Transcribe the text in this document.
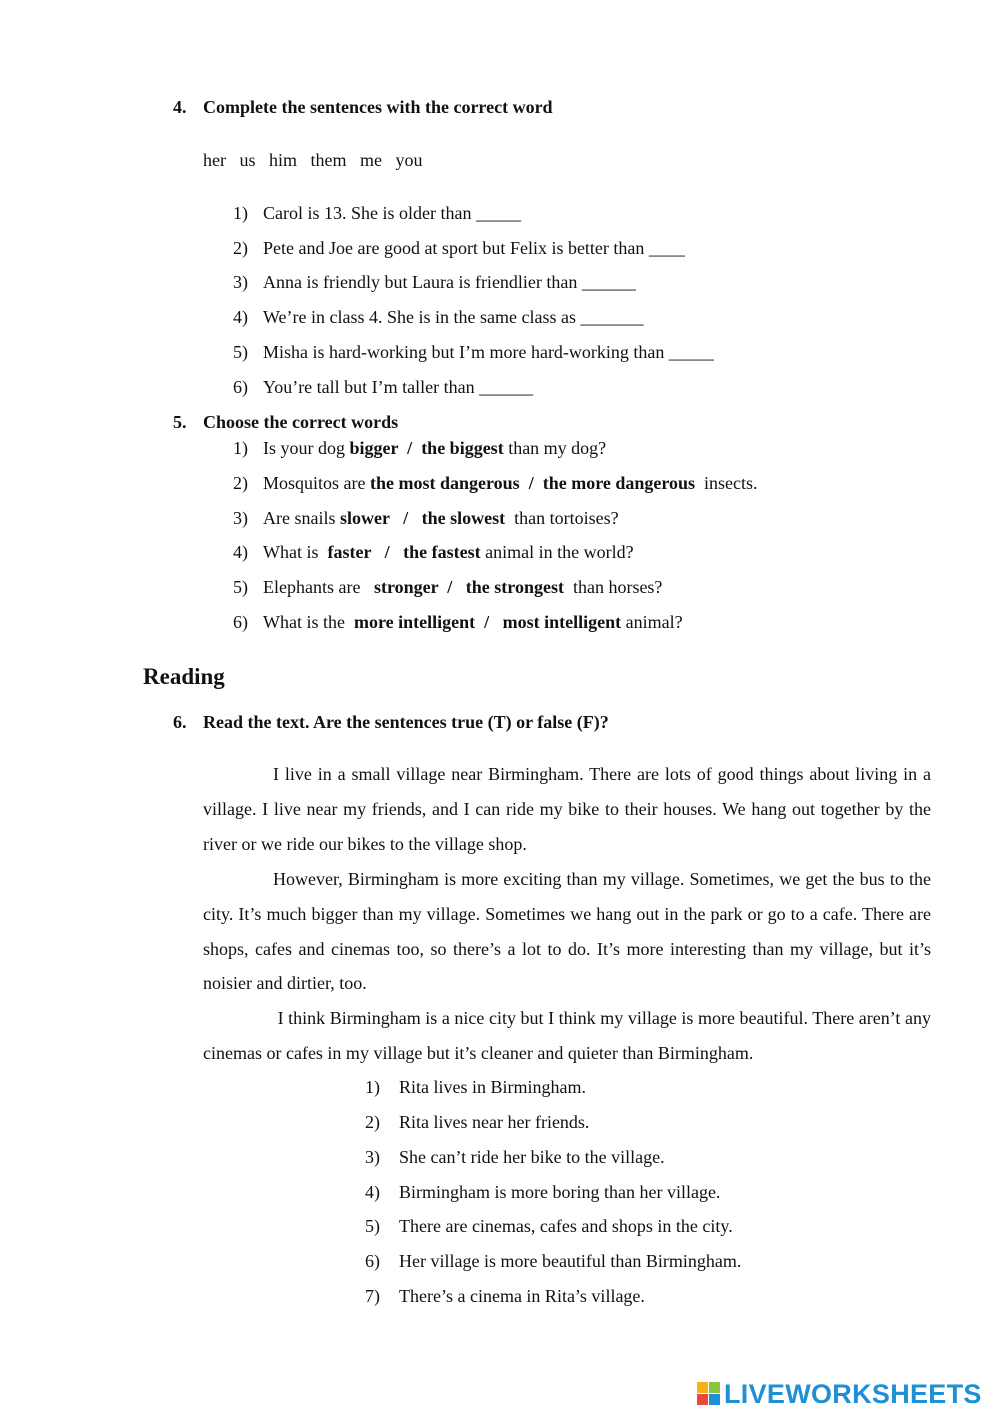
4. Complete the sentences with the correct word
her   us   him   them   me   you
1) Carol is 13. She is older than _____
2) Pete and Joe are good at sport but Felix is better than ____
3) Anna is friendly but Laura is friendlier than ______
4) We’re in class 4. She is in the same class as _______
5) Misha is hard-working but I’m more hard-working than _____
6) You’re tall but I’m taller than ______
5. Choose the correct words
1) Is your dog bigger  /  the biggest than my dog?
2) Mosquitos are the most dangerous  /  the more dangerous  insects.
3) Are snails slower   /   the slowest  than tortoises?
4) What is  faster   /   the fastest animal in the world?
5) Elephants are   stronger  /   the strongest  than horses?
6) What is the  more intelligent  /   most intelligent animal?
Reading
6. Read the text. Are the sentences true (T) or false (F)?
I live in a small village near Birmingham. There are lots of good things about living in a village. I live near my friends, and I can ride my bike to their houses. We hang out together by the river or we ride our bikes to the village shop.
However, Birmingham is more exciting than my village. Sometimes, we get the bus to the city. It’s much bigger than my village. Sometimes we hang out in the park or go to a cafe. There are shops, cafes and cinemas too, so there’s a lot to do. It’s more interesting than my village, but it’s noisier and dirtier, too.
I think Birmingham is a nice city but I think my village is more beautiful. There aren’t any cinemas or cafes in my village but it’s cleaner and quieter than Birmingham.
1) Rita lives in Birmingham.
2) Rita lives near her friends.
3) She can’t ride her bike to the village.
4) Birmingham is more boring than her village.
5) There are cinemas, cafes and shops in the city.
6) Her village is more beautiful than Birmingham.
7) There’s a cinema in Rita’s village.
LIVEWORKSHEETS
